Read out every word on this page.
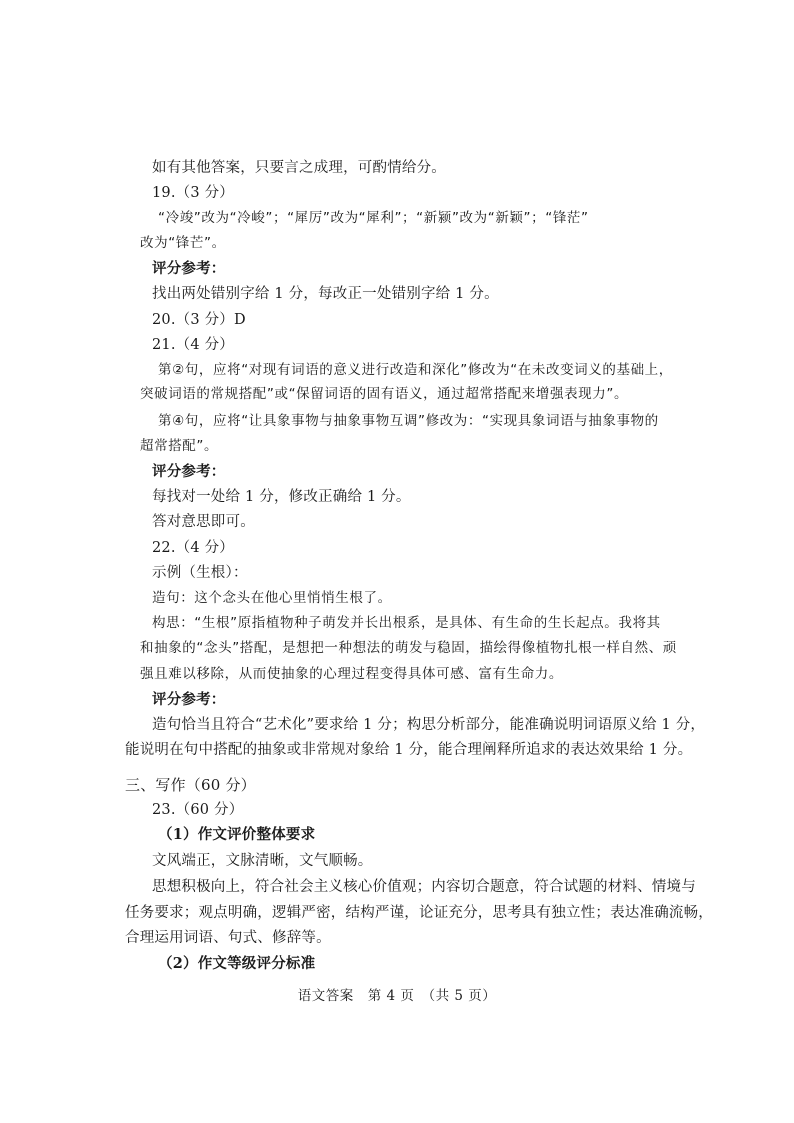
如有其他答案，只要言之成理，可酌情给分。
19.（3 分）
“冷竣”改为“冷峻”；“犀厉”改为“犀利”；“新颍”改为“新颖”；“锋茫”
改为“锋芒”。
评分参考：
找出两处错别字给 1 分，每改正一处错别字给 1 分。
20.（3 分）D
21.（4 分）
第②句，应将“对现有词语的意义进行改造和深化”修改为“在未改变词义的基础上，
突破词语的常规搭配”或“保留词语的固有语义，通过超常搭配来增强表现力”。
第④句，应将“让具象事物与抽象事物互调”修改为：“实现具象词语与抽象事物的
超常搭配”。
评分参考：
每找对一处给 1 分，修改正确给 1 分。
答对意思即可。
22.（4 分）
示例（生根）：
造句：这个念头在他心里悄悄生根了。
构思：“生根”原指植物种子萌发并长出根系，是具体、有生命的生长起点。我将其
和抽象的“念头”搭配，是想把一种想法的萌发与稳固，描绘得像植物扎根一样自然、顽
强且难以移除，从而使抽象的心理过程变得具体可感、富有生命力。
评分参考：
造句恰当且符合“艺术化”要求给 1 分；构思分析部分，能准确说明词语原义给 1 分，
能说明在句中搭配的抽象或非常规对象给 1 分，能合理阐释所追求的表达效果给 1 分。
三、写作（60 分）
23.（60 分）
（1）作文评价整体要求
文风端正，文脉清晰，文气顺畅。
思想积极向上，符合社会主义核心价值观；内容切合题意，符合试题的材料、情境与
任务要求；观点明确，逻辑严密，结构严谨，论证充分，思考具有独立性；表达准确流畅，
合理运用词语、句式、修辞等。
（2）作文等级评分标准
语文答案　第 4 页　（共 5 页）
